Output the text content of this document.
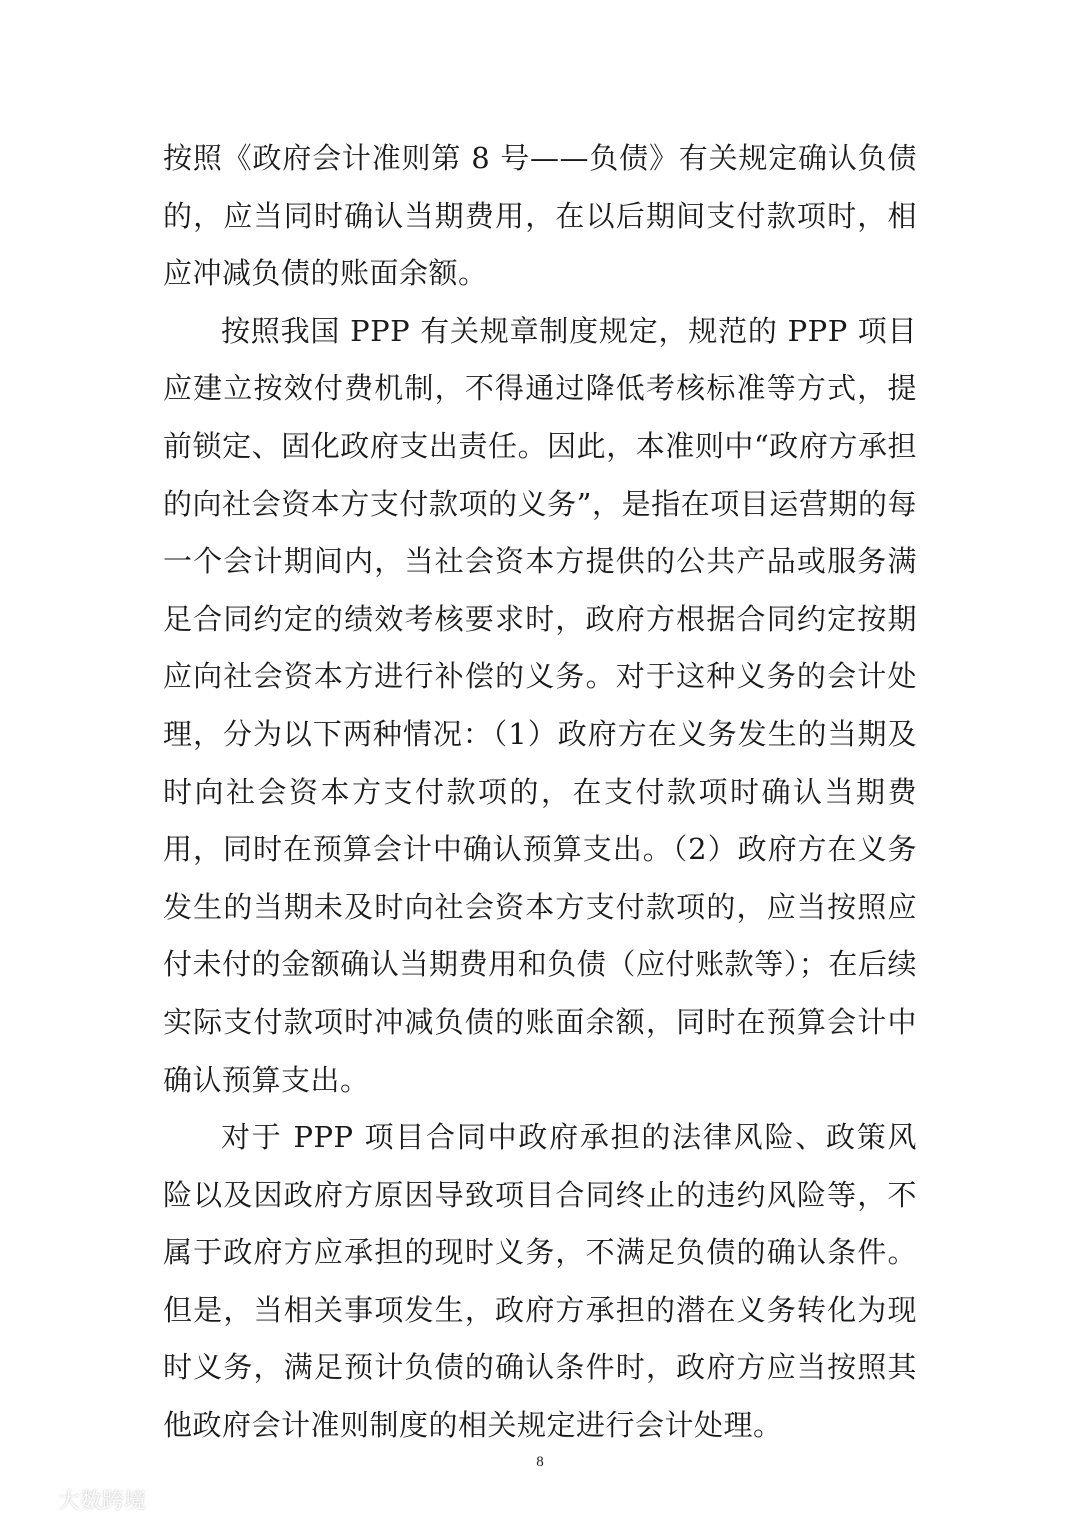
按照《政府会计准则第 8 号——负债》有关规定确认负债的，应当同时确认当期费用，在以后期间支付款项时，相应冲减负债的账面余额。

按照我国 PPP 有关规章制度规定，规范的 PPP 项目应建立按效付费机制，不得通过降低考核标准等方式，提前锁定、固化政府支出责任。因此，本准则中“政府方承担的向社会资本方支付款项的义务”，是指在项目运营期的每一个会计期间内，当社会资本方提供的公共产品或服务满足合同约定的绩效考核要求时，政府方根据合同约定按期应向社会资本方进行补偿的义务。对于这种义务的会计处理，分为以下两种情况：（1）政府方在义务发生的当期及时向社会资本方支付款项的，在支付款项时确认当期费用，同时在预算会计中确认预算支出。（2）政府方在义务发生的当期未及时向社会资本方支付款项的，应当按照应付未付的金额确认当期费用和负债（应付账款等）；在后续实际支付款项时冲减负债的账面余额，同时在预算会计中确认预算支出。

对于 PPP 项目合同中政府承担的法律风险、政策风险以及因政府方原因导致项目合同终止的违约风险等，不属于政府方应承担的现时义务，不满足负债的确认条件。但是，当相关事项发生，政府方承担的潜在义务转化为现时义务，满足预计负债的确认条件时，政府方应当按照其他政府会计准则制度的相关规定进行会计处理。

8
大数跨境
